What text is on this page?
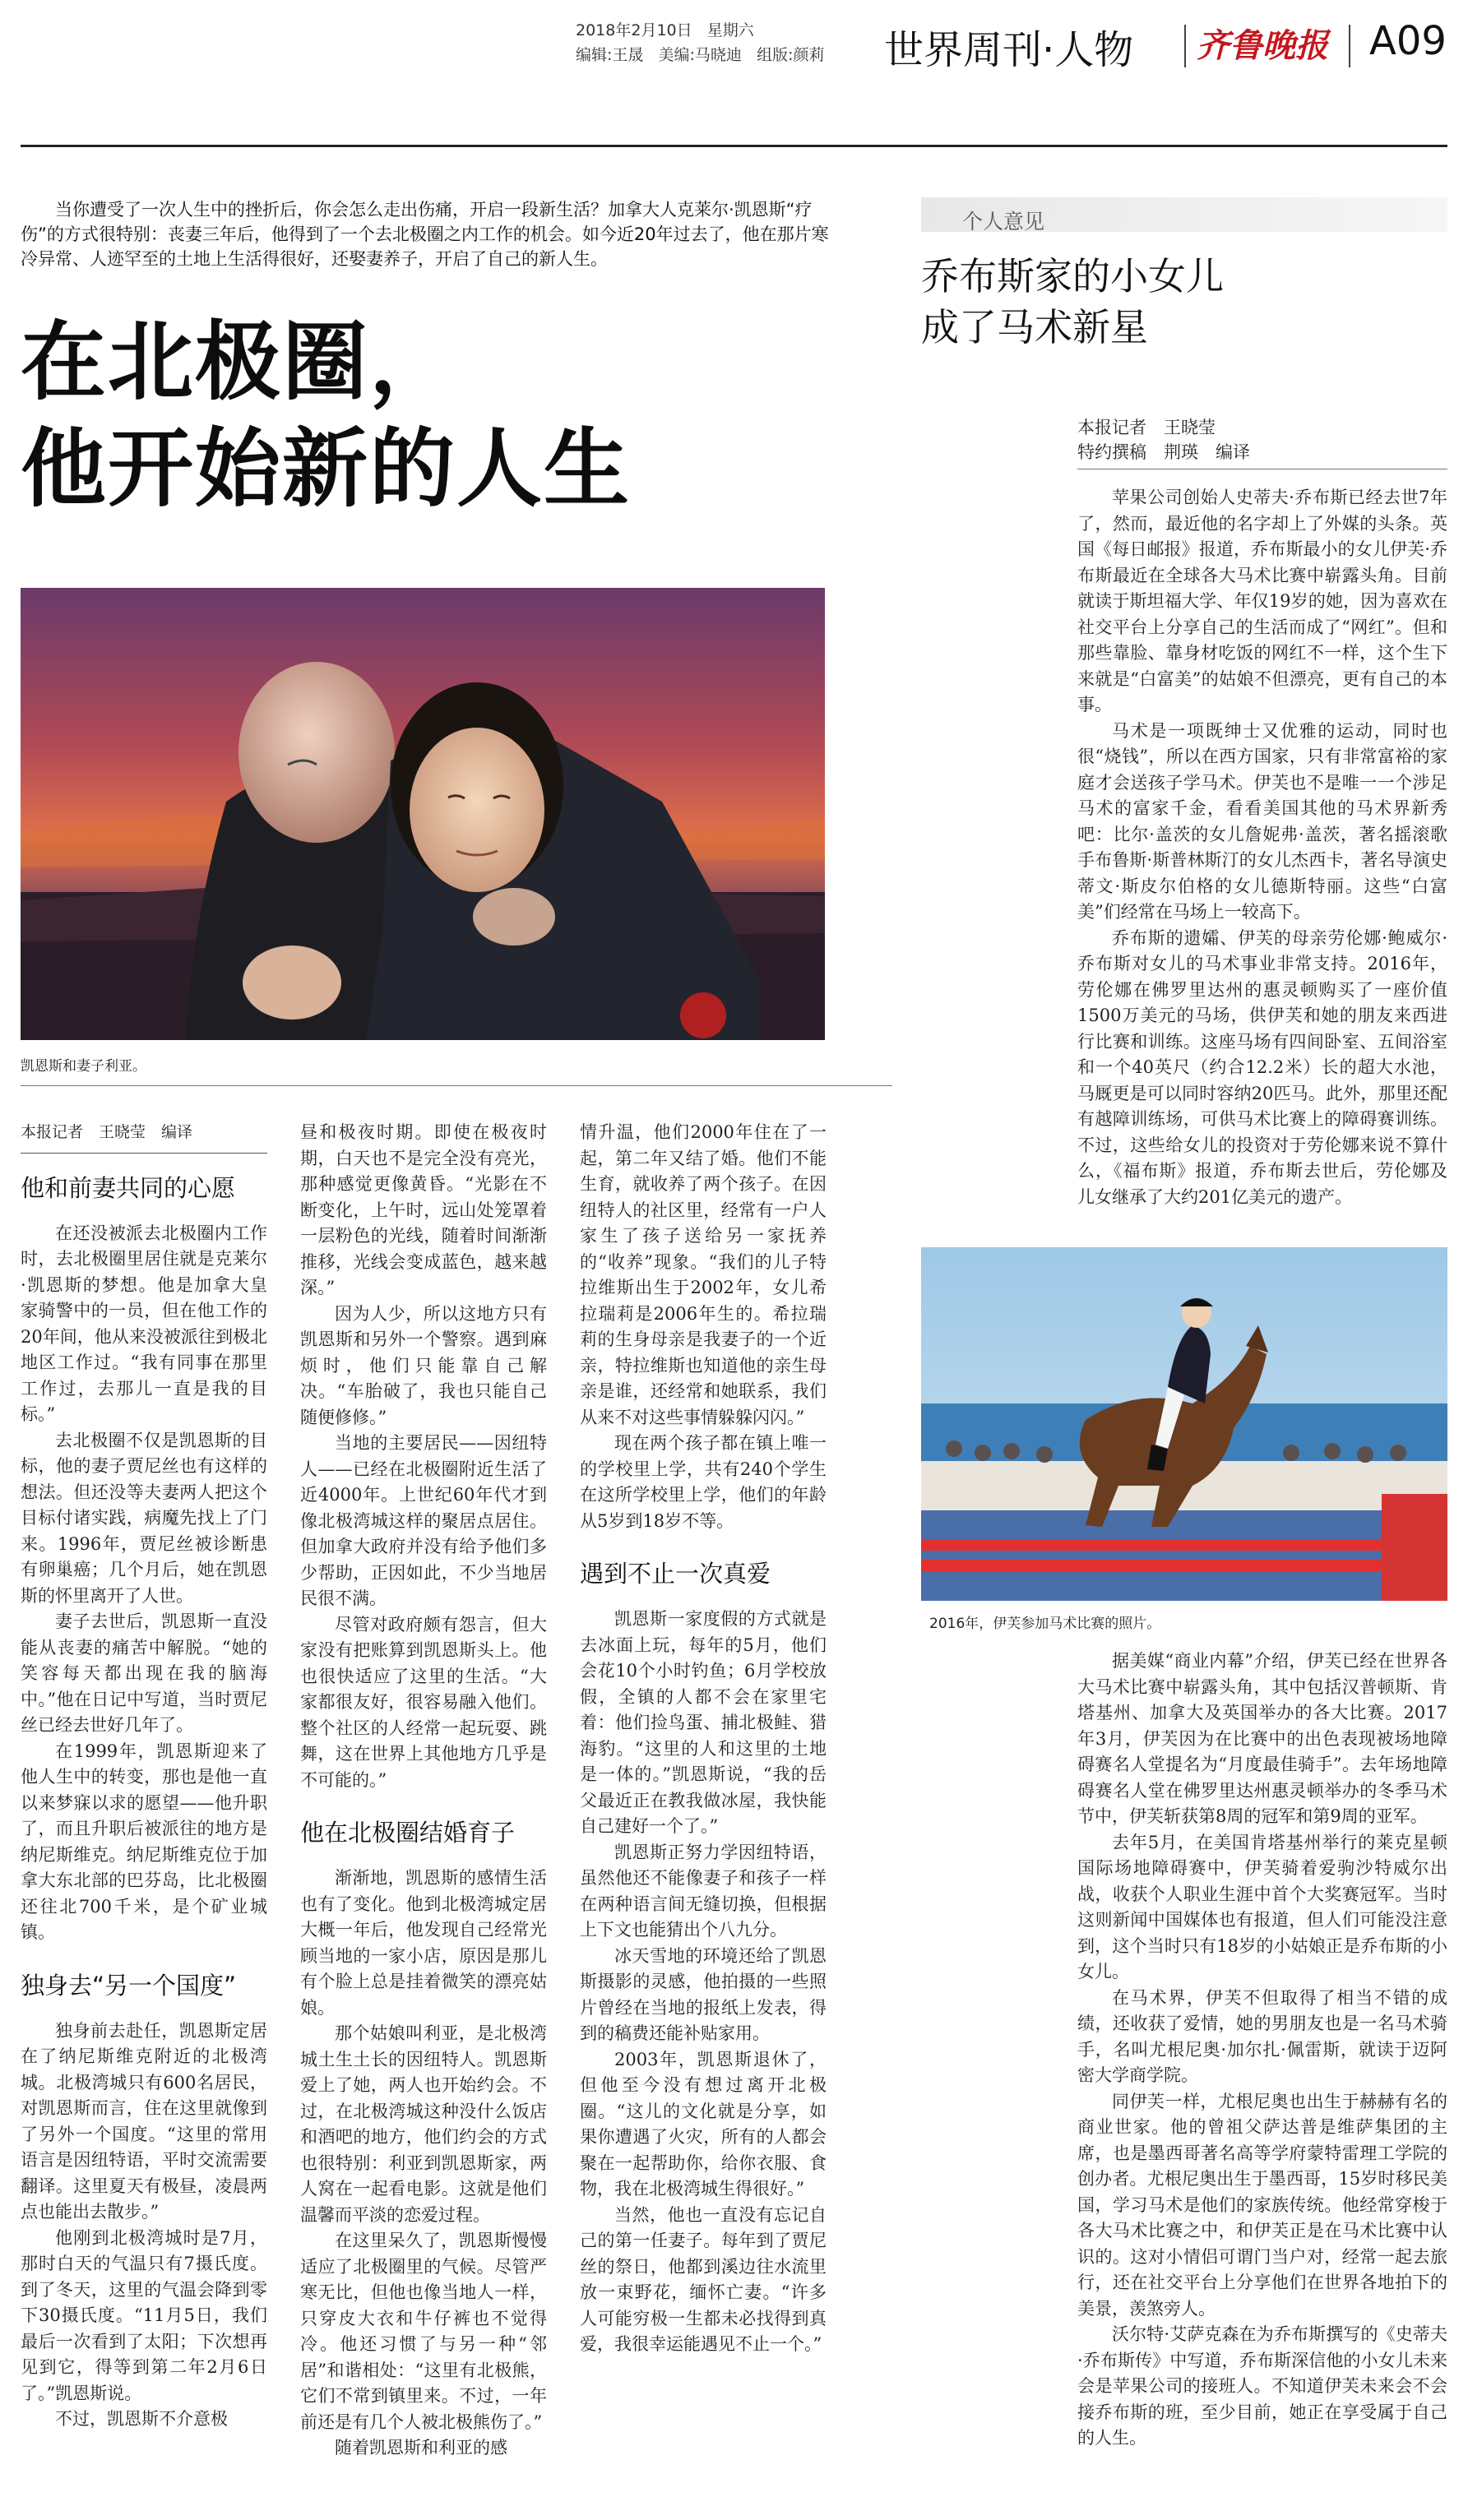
2018年2月10日 星期六
编辑:王晟 美编:马晓迪 组版:颜莉	世界周刊·人物 齐鲁晚报 A09
当你遭受了一次人生中的挫折后，你会怎么走出伤痛，开启一段新生活？加拿大人克莱尔·凯恩斯“疗伤”的方式很特别：丧妻三年后，他得到了一个去北极圈之内工作的机会。如今近20年过去了，他在那片寒冷异常、人迹罕至的土地上生活得很好，还娶妻养子，开启了自己的新人生。
在北极圈，
他开始新的人生
凯恩斯和妻子利亚。
本报记者　王晓莹　编译
他和前妻共同的心愿

在还没被派去北极圈内工作时，去北极圈里居住就是克莱尔·凯恩斯的梦想。他是加拿大皇家骑警中的一员，但在他工作的20年间，他从来没被派往到极北地区工作过。“我有同事在那里工作过，去那儿一直是我的目标。”

去北极圈不仅是凯恩斯的目标，他的妻子贾尼丝也有这样的想法。但还没等夫妻两人把这个目标付诸实践，病魔先找上了门来。1996年，贾尼丝被诊断患有卵巢癌；几个月后，她在凯恩斯的怀里离开了人世。

妻子去世后，凯恩斯一直没能从丧妻的痛苦中解脱。“她的笑容每天都出现在我的脑海中。”他在日记中写道，当时贾尼丝已经去世好几年了。

在1999年，凯恩斯迎来了他人生中的转变，那也是他一直以来梦寐以求的愿望——他升职了，而且升职后被派往的地方是纳尼斯维克。纳尼斯维克位于加拿大东北部的巴芬岛，比北极圈还往北700千米，是个矿业城镇。

独身去“另一个国度”

独身前去赴任，凯恩斯定居在了纳尼斯维克附近的北极湾城。北极湾城只有600名居民，对凯恩斯而言，住在这里就像到了另外一个国度。“这里的常用语言是因纽特语，平时交流需要翻译。这里夏天有极昼，凌晨两点也能出去散步。”

他刚到北极湾城时是7月，那时白天的气温只有7摄氏度。到了冬天，这里的气温会降到零下30摄氏度。“11月5日，我们最后一次看到了太阳；下次想再见到它，得等到第二年2月6日了。”凯恩斯说。

不过，凯恩斯不介意极

昼和极夜时期。即使在极夜时期，白天也不是完全没有亮光，那种感觉更像黄昏。“光影在不断变化，上午时，远山处笼罩着一层粉色的光线，随着时间渐渐推移，光线会变成蓝色，越来越深。”

因为人少，所以这地方只有凯恩斯和另外一个警察。遇到麻烦时，他们只能靠自己解决。“车胎破了，我也只能自己随便修修。”

当地的主要居民——因纽特人——已经在北极圈附近生活了近4000年。上世纪60年代才到像北极湾城这样的聚居点居住。但加拿大政府并没有给予他们多少帮助，正因如此，不少当地居民很不满。

尽管对政府颇有怨言，但大家没有把账算到凯恩斯头上。他也很快适应了这里的生活。“大家都很友好，很容易融入他们。整个社区的人经常一起玩耍、跳舞，这在世界上其他地方几乎是不可能的。”

他在北极圈结婚育子

渐渐地，凯恩斯的感情生活也有了变化。他到北极湾城定居大概一年后，他发现自己经常光顾当地的一家小店，原因是那儿有个脸上总是挂着微笑的漂亮姑娘。

那个姑娘叫利亚，是北极湾城土生土长的因纽特人。凯恩斯爱上了她，两人也开始约会。不过，在北极湾城这种没什么饭店和酒吧的地方，他们约会的方式也很特别：利亚到凯恩斯家，两人窝在一起看电影。这就是他们温馨而平淡的恋爱过程。

在这里呆久了，凯恩斯慢慢适应了北极圈里的气候。尽管严寒无比，但他也像当地人一样，只穿皮大衣和牛仔裤也不觉得冷。他还习惯了与另一种“邻居”和谐相处：“这里有北极熊，它们不常到镇里来。不过，一年前还是有几个人被北极熊伤了。”

随着凯恩斯和利亚的感

情升温，他们2000年住在了一起，第二年又结了婚。他们不能生育，就收养了两个孩子。在因纽特人的社区里，经常有一户人家生了孩子送给另一家抚养的“收养”现象。“我们的儿子特拉维斯出生于2002年，女儿希拉瑞莉是2006年生的。希拉瑞莉的生身母亲是我妻子的一个近亲，特拉维斯也知道他的亲生母亲是谁，还经常和她联系，我们从来不对这些事情躲躲闪闪。”

现在两个孩子都在镇上唯一的学校里上学，共有240个学生在这所学校里上学，他们的年龄从5岁到18岁不等。

遇到不止一次真爱

凯恩斯一家度假的方式就是去冰面上玩，每年的5月，他们会花10个小时钓鱼；6月学校放假，全镇的人都不会在家里宅着：他们捡鸟蛋、捕北极鲑、猎海豹。“这里的人和这里的土地是一体的。”凯恩斯说，“我的岳父最近正在教我做冰屋，我快能自己建好一个了。”

凯恩斯正努力学因纽特语，虽然他还不能像妻子和孩子一样在两种语言间无缝切换，但根据上下文也能猜出个八九分。

冰天雪地的环境还给了凯恩斯摄影的灵感，他拍摄的一些照片曾经在当地的报纸上发表，得到的稿费还能补贴家用。

2003年，凯恩斯退休了，但他至今没有想过离开北极圈。“这儿的文化就是分享，如果你遭遇了火灾，所有的人都会聚在一起帮助你，给你衣服、食物，我在北极湾城生得很好。”

当然，他也一直没有忘记自己的第一任妻子。每年到了贾尼丝的祭日，他都到溪边往水流里放一束野花，缅怀亡妻。“许多人可能穷极一生都未必找得到真爱，我很幸运能遇见不止一个。”

个人意见
乔布斯家的小女儿
成了马术新星
本报记者　王晓莹
特约撰稿　荆瑛　编译

苹果公司创始人史蒂夫·乔布斯已经去世7年了，然而，最近他的名字却上了外媒的头条。英国《每日邮报》报道，乔布斯最小的女儿伊芙·乔布斯最近在全球各大马术比赛中崭露头角。目前就读于斯坦福大学、年仅19岁的她，因为喜欢在社交平台上分享自己的生活而成了“网红”。但和那些靠脸、靠身材吃饭的网红不一样，这个生下来就是“白富美”的姑娘不但漂亮，更有自己的本事。

马术是一项既绅士又优雅的运动，同时也很“烧钱”，所以在西方国家，只有非常富裕的家庭才会送孩子学马术。伊芙也不是唯一一个涉足马术的富家千金，看看美国其他的马术界新秀吧：比尔·盖茨的女儿詹妮弗·盖茨，著名摇滚歌手布鲁斯·斯普林斯汀的女儿杰西卡，著名导演史蒂文·斯皮尔伯格的女儿德斯特丽。这些“白富美”们经常在马场上一较高下。

乔布斯的遗孀、伊芙的母亲劳伦娜·鲍威尔·乔布斯对女儿的马术事业非常支持。2016年，劳伦娜在佛罗里达州的惠灵顿购买了一座价值1500万美元的马场，供伊芙和她的朋友来西进行比赛和训练。这座马场有四间卧室、五间浴室和一个40英尺（约合12.2米）长的超大水池，马厩更是可以同时容纳20匹马。此外，那里还配有越障训练场，可供马术比赛上的障碍赛训练。不过，这些给女儿的投资对于劳伦娜来说不算什么，《福布斯》报道，乔布斯去世后，劳伦娜及儿女继承了大约201亿美元的遗产。

2016年，伊芙参加马术比赛的照片。

据美媒“商业内幕”介绍，伊芙已经在世界各大马术比赛中崭露头角，其中包括汉普顿斯、肯塔基州、加拿大及英国举办的各大比赛。2017年3月，伊芙因为在比赛中的出色表现被场地障碍赛名人堂提名为“月度最佳骑手”。去年场地障碍赛名人堂在佛罗里达州惠灵顿举办的冬季马术节中，伊芙斩获第8周的冠军和第9周的亚军。

去年5月，在美国肯塔基州举行的莱克星顿国际场地障碍赛中，伊芙骑着爱驹沙特威尔出战，收获个人职业生涯中首个大奖赛冠军。当时这则新闻中国媒体也有报道，但人们可能没注意到，这个当时只有18岁的小姑娘正是乔布斯的小女儿。

在马术界，伊芙不但取得了相当不错的成绩，还收获了爱情，她的男朋友也是一名马术骑手，名叫尤根尼奥·加尔扎·佩雷斯，就读于迈阿密大学商学院。

同伊芙一样，尤根尼奥也出生于赫赫有名的商业世家。他的曾祖父萨达普是维萨集团的主席，也是墨西哥著名高等学府蒙特雷理工学院的创办者。尤根尼奥出生于墨西哥，15岁时移民美国，学习马术是他们的家族传统。他经常穿梭于各大马术比赛之中，和伊芙正是在马术比赛中认识的。这对小情侣可谓门当户对，经常一起去旅行，还在社交平台上分享他们在世界各地拍下的美景，羡煞旁人。

沃尔特·艾萨克森在为乔布斯撰写的《史蒂夫·乔布斯传》中写道，乔布斯深信他的小女儿未来会是苹果公司的接班人。不知道伊芙未来会不会接乔布斯的班，至少目前，她正在享受属于自己的人生。
